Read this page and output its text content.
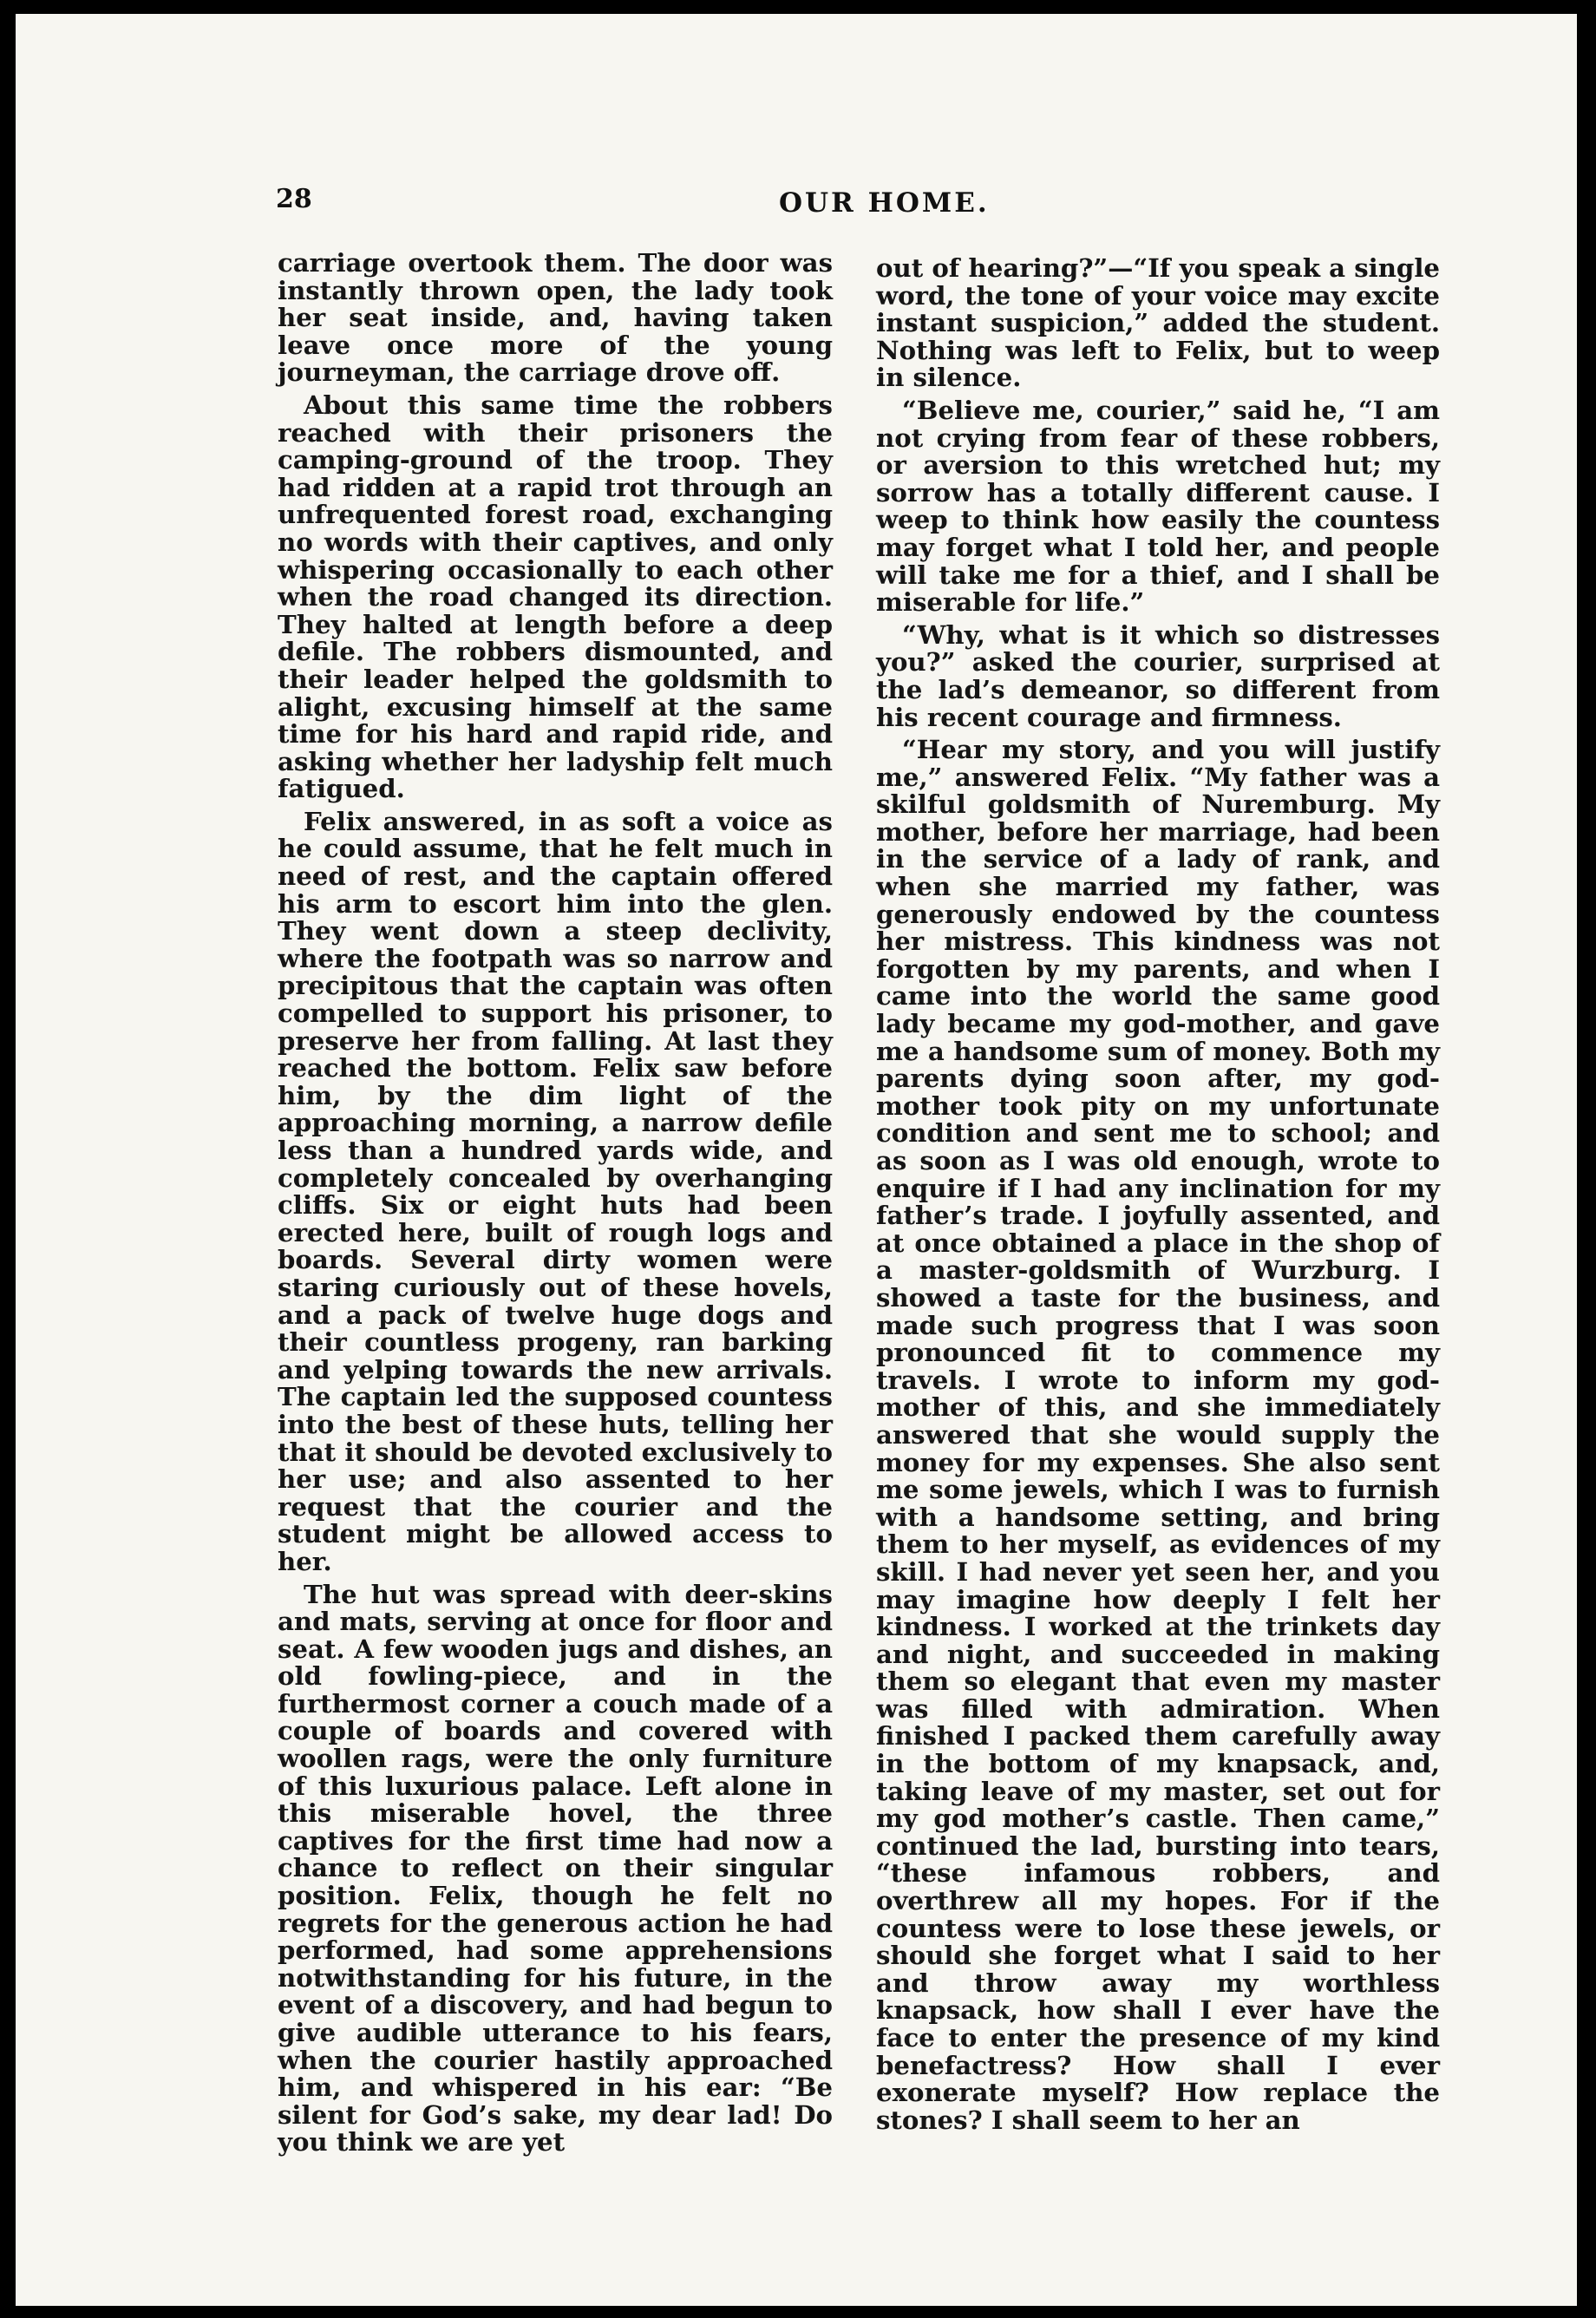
28	OUR HOME.

carriage overtook them. The door was instantly thrown open, the lady took her seat inside, and, having taken leave once more of the young journeyman, the carriage drove off.

About this same time the robbers reached with their prisoners the camping-ground of the troop. They had ridden at a rapid trot through an unfrequented forest road, exchanging no words with their captives, and only whispering occasionally to each other when the road changed its direction. They halted at length before a deep defile. The robbers dismounted, and their leader helped the goldsmith to alight, excusing himself at the same time for his hard and rapid ride, and asking whether her ladyship felt much fatigued.

Felix answered, in as soft a voice as he could assume, that he felt much in need of rest, and the captain offered his arm to escort him into the glen. They went down a steep declivity, where the footpath was so narrow and precipitous that the captain was often compelled to support his prisoner, to preserve her from falling. At last they reached the bottom. Felix saw before him, by the dim light of the approaching morning, a narrow defile less than a hundred yards wide, and completely concealed by overhanging cliffs. Six or eight huts had been erected here, built of rough logs and boards. Several dirty women were staring curiously out of these hovels, and a pack of twelve huge dogs and their countless progeny, ran barking and yelping towards the new arrivals. The captain led the supposed countess into the best of these huts, telling her that it should be devoted exclusively to her use; and also assented to her request that the courier and the student might be allowed access to her.

The hut was spread with deer-skins and mats, serving at once for floor and seat. A few wooden jugs and dishes, an old fowling-piece, and in the furthermost corner a couch made of a couple of boards and covered with woollen rags, were the only furniture of this luxurious palace. Left alone in this miserable hovel, the three captives for the first time had now a chance to reflect on their singular position. Felix, though he felt no regrets for the generous action he had performed, had some apprehensions notwithstanding for his future, in the event of a discovery, and had begun to give audible utterance to his fears, when the courier hastily approached him, and whispered in his ear: “Be silent for God’s sake, my dear lad! Do you think we are yet

out of hearing?”—“If you speak a single word, the tone of your voice may excite instant suspicion,” added the student. Nothing was left to Felix, but to weep in silence.

“Believe me, courier,” said he, “I am not crying from fear of these robbers, or aversion to this wretched hut; my sorrow has a totally different cause. I weep to think how easily the countess may forget what I told her, and people will take me for a thief, and I shall be miserable for life.”

“Why, what is it which so distresses you?” asked the courier, surprised at the lad’s demeanor, so different from his recent courage and firmness.

“Hear my story, and you will justify me,” answered Felix. “My father was a skilful goldsmith of Nuremburg. My mother, before her marriage, had been in the service of a lady of rank, and when she married my father, was generously endowed by the countess her mistress. This kindness was not forgotten by my parents, and when I came into the world the same good lady became my god-mother, and gave me a handsome sum of money. Both my parents dying soon after, my god-mother took pity on my unfortunate condition and sent me to school; and as soon as I was old enough, wrote to enquire if I had any inclination for my father’s trade. I joyfully assented, and at once obtained a place in the shop of a master-goldsmith of Wurzburg. I showed a taste for the business, and made such progress that I was soon pronounced fit to commence my travels. I wrote to inform my god-mother of this, and she immediately answered that she would supply the money for my expenses. She also sent me some jewels, which I was to furnish with a handsome setting, and bring them to her myself, as evidences of my skill. I had never yet seen her, and you may imagine how deeply I felt her kindness. I worked at the trinkets day and night, and succeeded in making them so elegant that even my master was filled with admiration. When finished I packed them carefully away in the bottom of my knapsack, and, taking leave of my master, set out for my god mother’s castle. Then came,” continued the lad, bursting into tears, “these infamous robbers, and overthrew all my hopes. For if the countess were to lose these jewels, or should she forget what I said to her and throw away my worthless knapsack, how shall I ever have the face to enter the presence of my kind benefactress? How shall I ever exonerate myself? How replace the stones? I shall seem to her an
